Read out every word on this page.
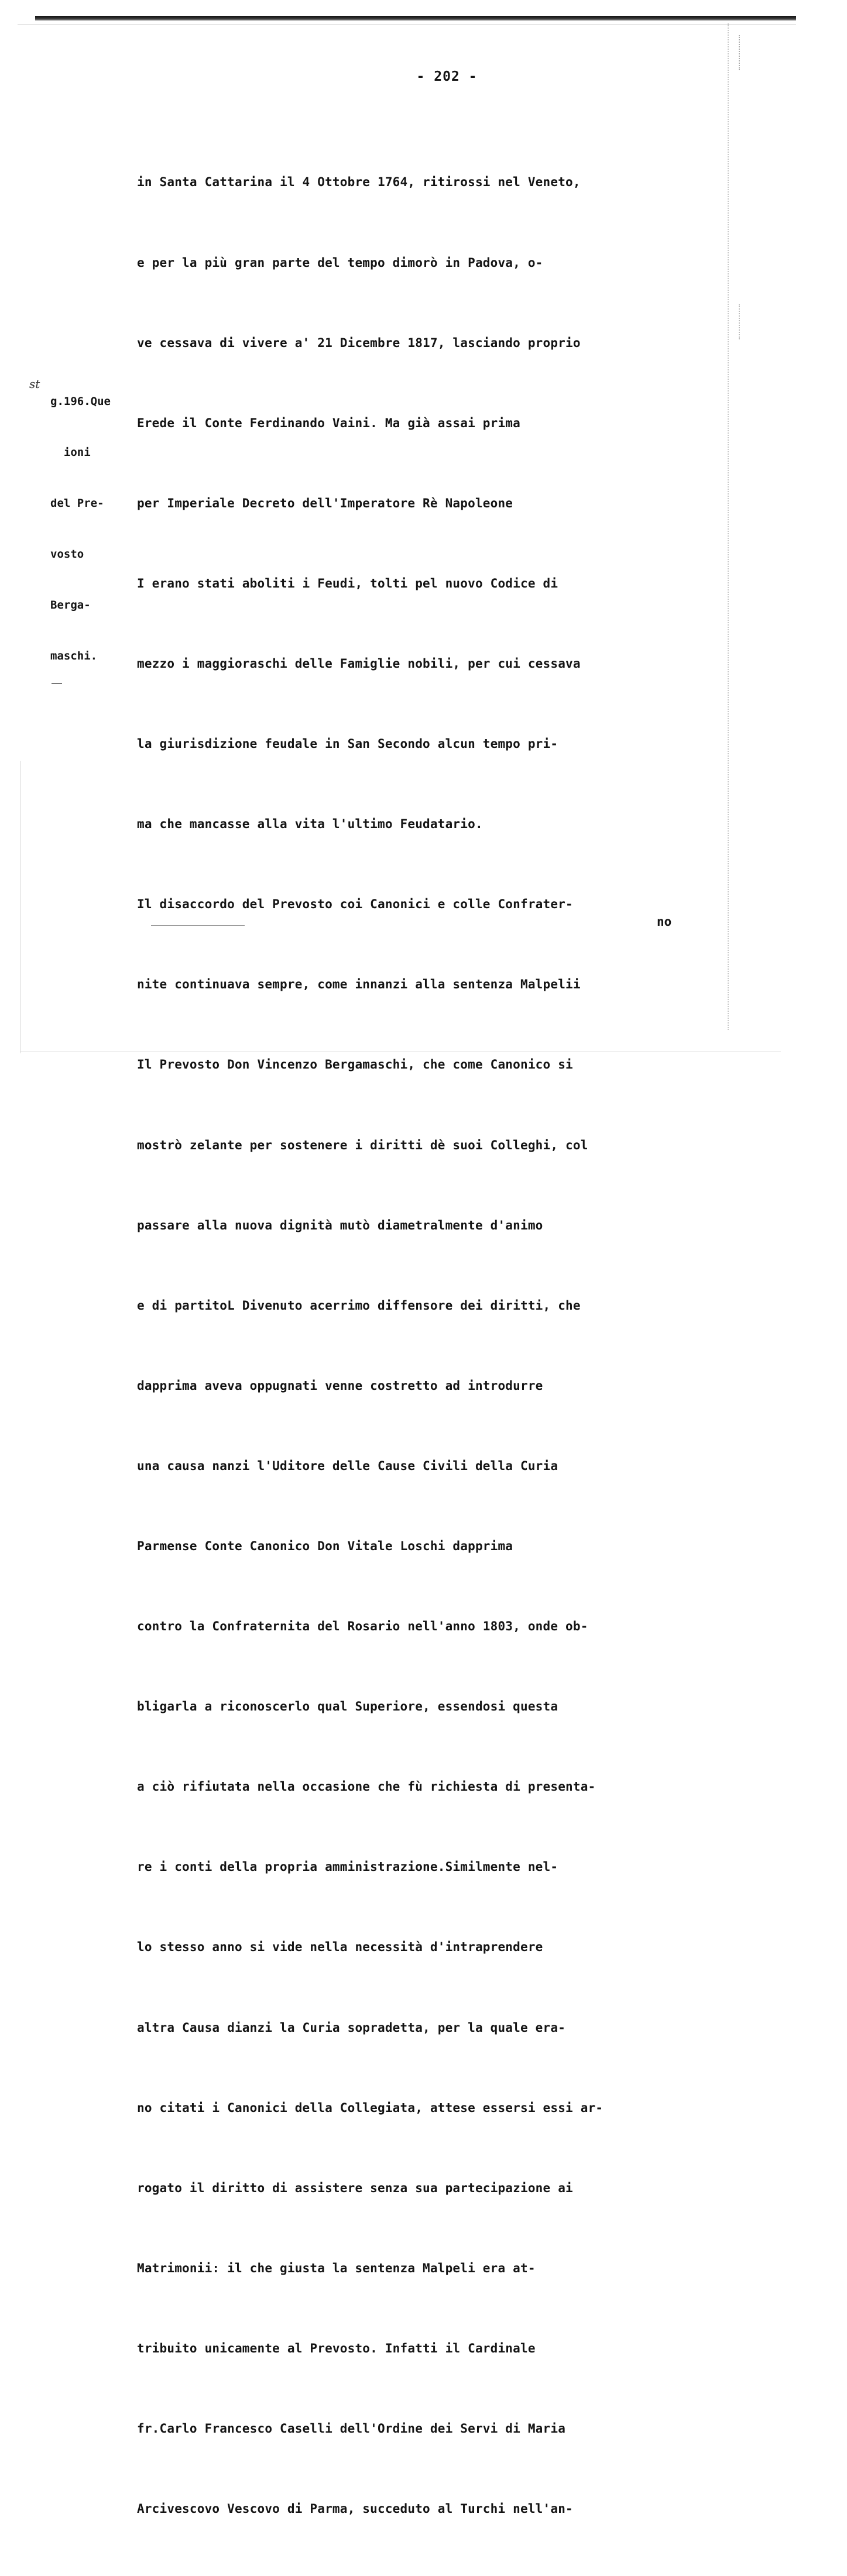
- 202 -

g.196.Que

ioni

del Pre-

vosto

Berga-

maschi.

st

in Santa Cattarina il 4 Ottobre 1764, ritirossi nel Veneto,

e per la più gran parte del tempo dimorò in Padova, o-

ve cessava di vivere a' 21 Dicembre 1817, lasciando proprio

Erede il Conte Ferdinando Vaini. Ma già assai prima

per Imperiale Decreto dell'Imperatore Rè Napoleone

I erano stati aboliti i Feudi, tolti pel nuovo Codice di

mezzo i maggioraschi delle Famiglie nobili, per cui cessava

la giurisdizione feudale in San Secondo alcun tempo pri-

ma che mancasse alla vita l'ultimo Feudatario.

Il disaccordo del Prevosto coi Canonici e colle Confrater-

nite continuava sempre, come innanzi alla sentenza Malpelii

Il Prevosto Don Vincenzo Bergamaschi, che come Canonico si

mostrò zelante per sostenere i diritti dè suoi Colleghi, col

passare alla nuova dignità mutò diametralmente d'animo

e di partitoL Divenuto acerrimo diffensore dei diritti, che

dapprima aveva oppugnati venne costretto ad introdurre

una causa nanzi l'Uditore delle Cause Civili della Curia

Parmense Conte Canonico Don Vitale Loschi dapprima

contro la Confraternita del Rosario nell'anno 1803, onde ob-

bligarla a riconoscerlo qual Superiore, essendosi questa

a ciò rifiutata nella occasione che fù richiesta di presenta-

re i conti della propria amministrazione.Similmente nel-

lo stesso anno si vide nella necessità d'intraprendere

altra Causa dianzi la Curia sopradetta, per la quale era-

no citati i Canonici della Collegiata, attese essersi essi ar-

rogato il diritto di assistere senza sua partecipazione ai

Matrimonii: il che giusta la sentenza Malpeli era at-

tribuito unicamente al Prevosto. Infatti il Cardinale

fr.Carlo Francesco Caselli dell'Ordine dei Servi di Maria

Arcivescovo Vescovo di Parma, succeduto al Turchi nell'an-

no
